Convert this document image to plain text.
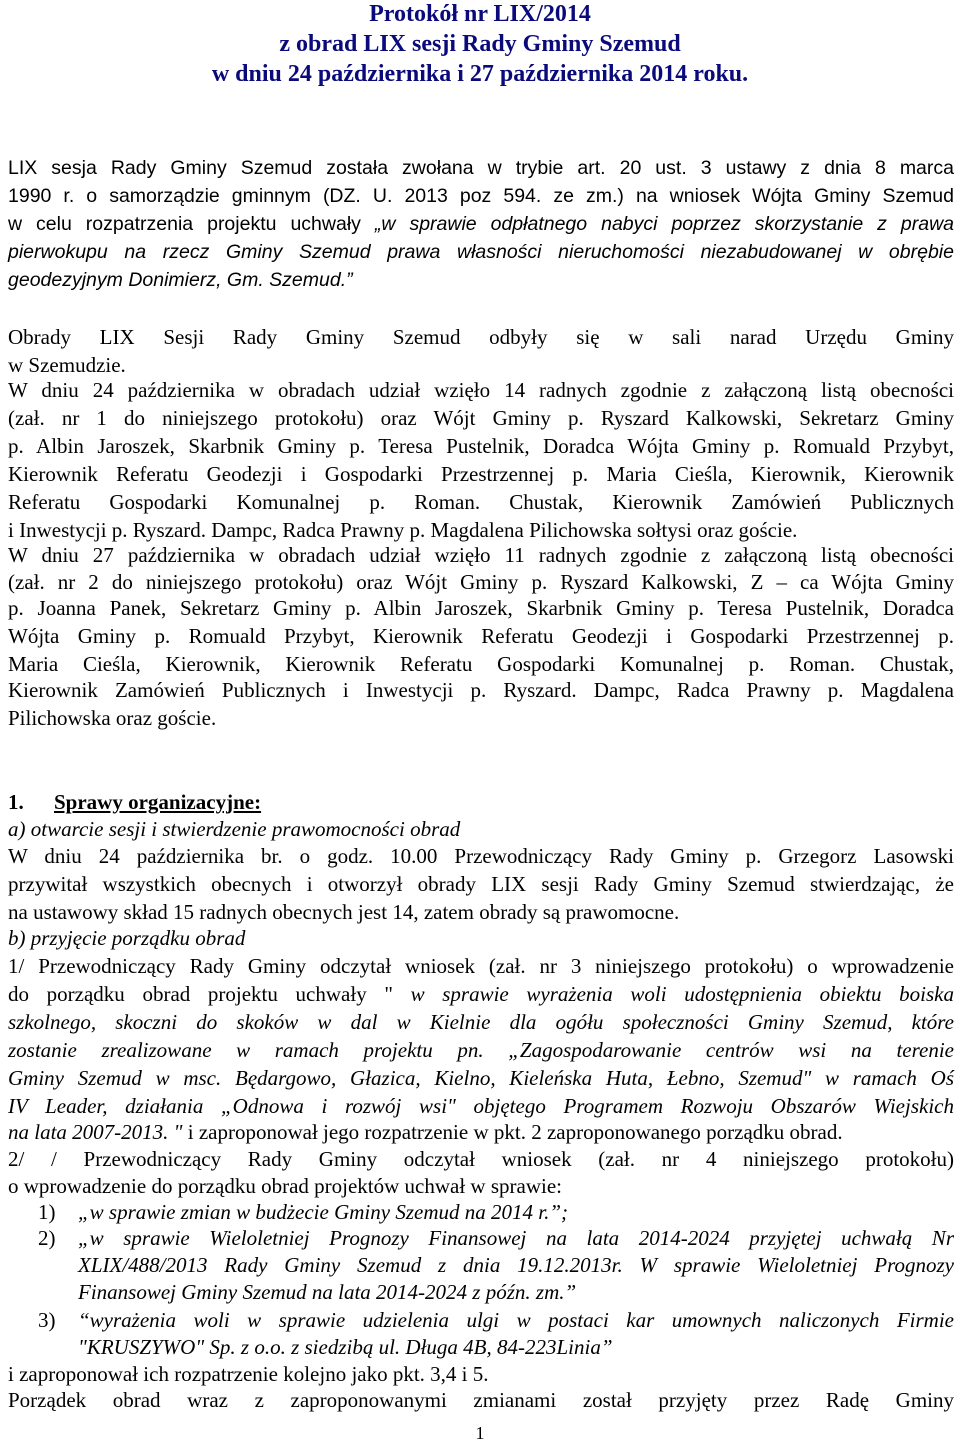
Protokół nr LIX/2014
z obrad LIX sesji Rady Gminy Szemud
w dniu 24 października i 27 października 2014 roku.
LIX sesja Rady Gminy Szemud została zwołana w trybie art. 20 ust. 3 ustawy z dnia 8 marca
1990 r. o samorządzie gminnym (DZ. U. 2013 poz 594. ze zm.) na wniosek Wójta Gminy Szemud
w celu rozpatrzenia projektu uchwały „w sprawie odpłatnego nabyci poprzez skorzystanie z prawa
pierwokupu na rzecz Gminy Szemud prawa własności nieruchomości niezabudowanej w obrębie
geodezyjnym Donimierz, Gm. Szemud.”
Obrady LIX Sesji Rady Gminy Szemud odbyły się w sali narad Urzędu Gminy
w Szemudzie.
W dniu 24 października w obradach udział wzięło 14 radnych zgodnie z załączoną listą obecności
(zał. nr 1 do niniejszego protokołu) oraz Wójt Gminy p. Ryszard Kalkowski, Sekretarz Gminy
p. Albin Jaroszek, Skarbnik Gminy p. Teresa Pustelnik, Doradca Wójta Gminy p. Romuald Przybyt,
Kierownik Referatu Geodezji i Gospodarki Przestrzennej p. Maria Cieśla, Kierownik, Kierownik
Referatu Gospodarki Komunalnej p. Roman. Chustak, Kierownik Zamówień Publicznych
i Inwestycji p. Ryszard. Dampc, Radca Prawny p. Magdalena Pilichowska sołtysi oraz goście.
W dniu 27 października w obradach udział wzięło 11 radnych zgodnie z załączoną listą obecności
(zał. nr 2 do niniejszego protokołu) oraz Wójt Gminy p. Ryszard Kalkowski, Z – ca Wójta Gminy
p. Joanna Panek, Sekretarz Gminy p. Albin Jaroszek, Skarbnik Gminy p. Teresa Pustelnik, Doradca
Wójta Gminy p. Romuald Przybyt, Kierownik Referatu Geodezji i Gospodarki Przestrzennej p.
Maria Cieśla, Kierownik, Kierownik Referatu Gospodarki Komunalnej p. Roman. Chustak,
Kierownik Zamówień Publicznych i Inwestycji p. Ryszard. Dampc, Radca Prawny p. Magdalena
Pilichowska oraz goście.
1. Sprawy organizacyjne:
a) otwarcie sesji i stwierdzenie prawomocności obrad
W dniu 24 października br. o godz. 10.00 Przewodniczący Rady Gminy p. Grzegorz Lasowski
przywitał wszystkich obecnych i otworzył obrady LIX sesji Rady Gminy Szemud stwierdzając, że
na ustawowy skład 15 radnych obecnych jest 14, zatem obrady są prawomocne.
b) przyjęcie porządku obrad
1/ Przewodniczący Rady Gminy odczytał wniosek (zał. nr 3 niniejszego protokołu) o wprowadzenie
do porządku obrad projektu uchwały " w sprawie wyrażenia woli udostępnienia obiektu boiska
szkolnego, skoczni do skoków w dal w Kielnie dla ogółu społeczności Gminy Szemud, które
zostanie zrealizowane w ramach projektu pn. „Zagospodarowanie centrów wsi na terenie
Gminy Szemud w msc. Będargowo, Głazica, Kielno, Kieleńska Huta, Łebno, Szemud" w ramach Oś
IV Leader, działania „Odnowa i rozwój wsi" objętego Programem Rozwoju Obszarów Wiejskich
na lata 2007-2013. " i zaproponował jego rozpatrzenie w pkt. 2 zaproponowanego porządku obrad.
2/ / Przewodniczący Rady Gminy odczytał wniosek (zał. nr 4 niniejszego protokołu)
o wprowadzenie do porządku obrad projektów uchwał w sprawie:
1) „w sprawie zmian w budżecie Gminy Szemud na 2014 r.”;
2) „w sprawie Wieloletniej Prognozy Finansowej na lata 2014-2024 przyjętej uchwałą Nr
XLIX/488/2013 Rady Gminy Szemud z dnia 19.12.2013r. W sprawie Wieloletniej Prognozy
Finansowej Gminy Szemud na lata 2014-2024 z późn. zm.”
3) “wyrażenia woli w sprawie udzielenia ulgi w postaci kar umownych naliczonych Firmie
"KRUSZYWO" Sp. z o.o. z siedzibą ul. Długa 4B, 84-223Linia”
i zaproponował ich rozpatrzenie kolejno jako pkt. 3,4 i 5.
Porządek obrad wraz z zaproponowanymi zmianami został przyjęty przez Radę Gminy
1
